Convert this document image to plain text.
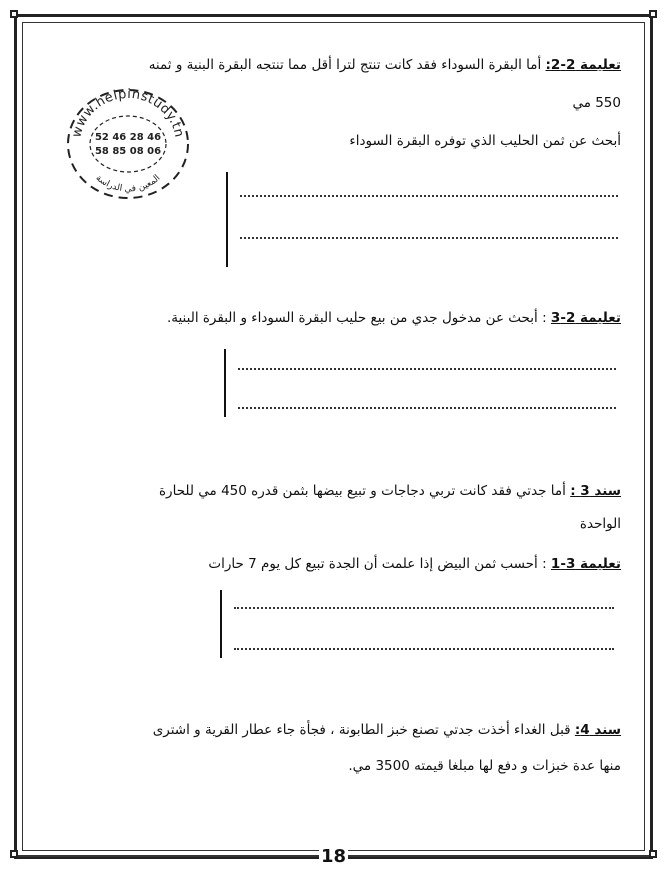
www.helpinstudy.tn
52 46 28 46
58 85 08 06
المعين في الدراسة
تعليمة 2-2: أما البقرة السوداء فقد كانت تنتج لترا أقل مما تنتجه البقرة البنية و ثمنه
550 مي
أبحث عن ثمن الحليب الذي توفره البقرة السوداء
تعليمة 2-3 : أبحث عن مدخول جدي من بيع حليب البقرة السوداء و البقرة البنية.
سند 3 : أما جدتي فقد كانت تربي دجاجات و تبيع بيضها بثمن قدره 450 مي للحارة
الواحدة
تعليمة 3-1 : أحسب ثمن البيض إذا علمت أن الجدة تبيع كل يوم 7 حارات
سند 4: قبل الغداء أخذت جدتي تصنع خبز الطابونة ، فجأة جاء عطار القرية و اشترى
منها عدة خبزات و دفع لها مبلغا قيمته 3500 مي.
18
